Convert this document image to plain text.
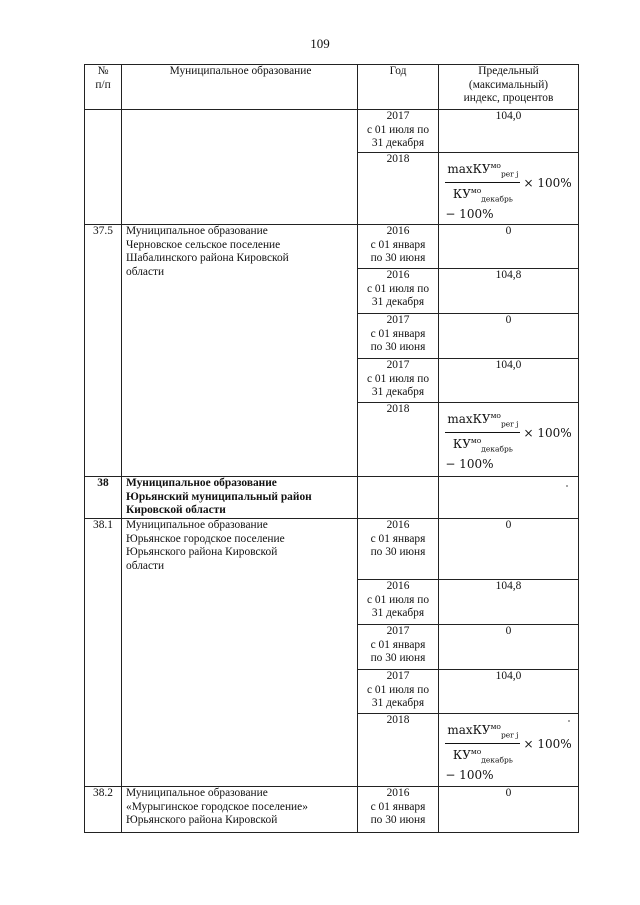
109
№
п/п	Муниципальное образование	Год	Предельный
(максимальный)
индекс, процентов

		2017
с 01 июля по
31 декабря	104,0

		2018	$\frac{\max КУ^{мо}_{per j}}{КУ^{мо}_{декабрь}} \times 100\%$
− 100%

37.5	Муниципальное образование
Черновское сельское поселение
Шабалинского района Кировской
области	2016
с 01 января
по 30 июня	0

		2016
с 01 июля по
31 декабря	104,8

		2017
с 01 января
по 30 июня	0

		2017
с 01 июля по
31 декабря	104,0

		2018	$\frac{\max КУ^{мо}_{per j}}{КУ^{мо}_{декабрь}} \times 100\%$
− 100%

38	Муниципальное образование
Юрьянский муниципальный район
Кировской области		

38.1	Муниципальное образование
Юрьянское городское поселение
Юрьянского района Кировской
области	2016
с 01 января
по 30 июня	0

		2016
с 01 июля по
31 декабря	104,8

		2017
с 01 января
по 30 июня	0

		2017
с 01 июля по
31 декабря	104,0

		2018	$\frac{\max КУ^{мо}_{per j}}{КУ^{мо}_{декабрь}} \times 100\%$
− 100%

38.2	Муниципальное образование
«Мурыгинское городское поселение»
Юрьянского района Кировской	2016
с 01 января
по 30 июня	0
